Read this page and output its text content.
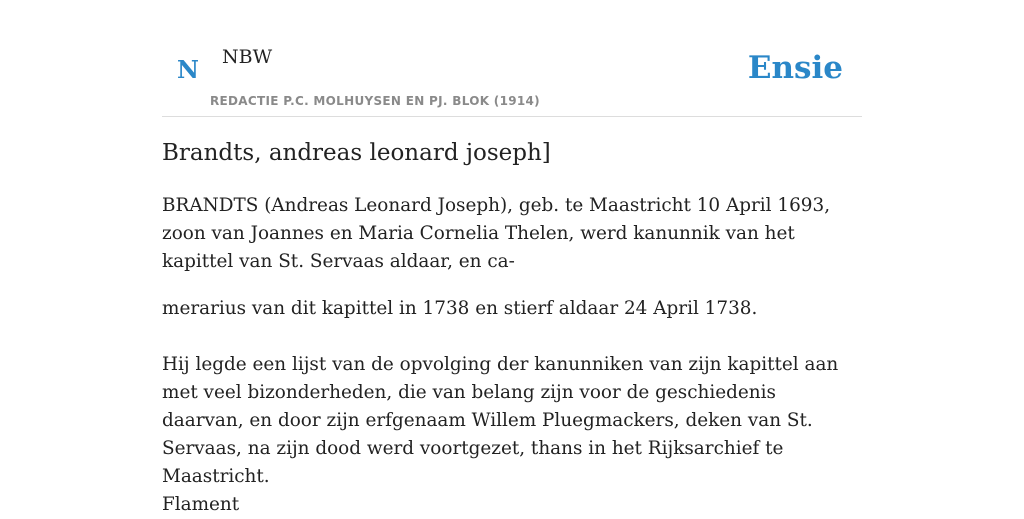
N NBW
REDACTIE P.C. MOLHUYSEN EN PJ. BLOK (1914)
Ensie
Brandts, andreas leonard joseph]

BRANDTS (Andreas Leonard Joseph), geb. te Maastricht 10 April 1693, zoon van Joannes en Maria Cornelia Thelen, werd kanunnik van het kapittel van St. Servaas aldaar, en ca-

merarius van dit kapittel in 1738 en stierf aldaar 24 April 1738.

Hij legde een lijst van de opvolging der kanunniken van zijn kapittel aan met veel bizonderheden, die van belang zijn voor de geschiedenis daarvan, en door zijn erfgenaam Willem Pluegmackers, deken van St. Servaas, na zijn dood werd voortgezet, thans in het Rijksarchief te Maastricht.

Flament
